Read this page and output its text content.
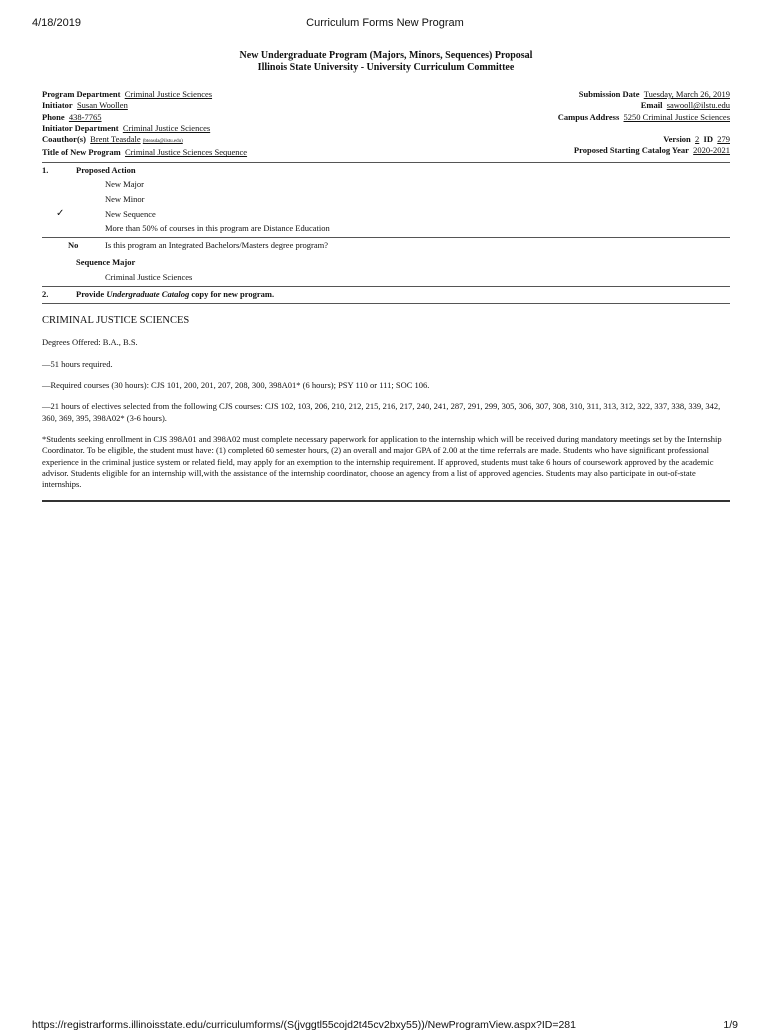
4/18/2019	Curriculum Forms New Program
New Undergraduate Program (Majors, Minors, Sequences) Proposal
Illinois State University - University Curriculum Committee
Program Department Criminal Justice Sciences
Initiator Susan Woollen
Phone 438-7765
Initiator Department Criminal Justice Sciences
Coauthor(s) Brent Teasdale (bteasda@ilstu.edu)
Title of New Program Criminal Justice Sciences Sequence
Submission Date Tuesday, March 26, 2019
Email sawooll@ilstu.edu
Campus Address 5250 Criminal Justice Sciences
Version 2 ID 279
Proposed Starting Catalog Year 2020-2021
1.	Proposed Action
New Major
New Minor
✓	New Sequence
More than 50% of courses in this program are Distance Education
No	Is this program an Integrated Bachelors/Masters degree program?
Sequence Major
Criminal Justice Sciences
2.	Provide Undergraduate Catalog copy for new program.

CRIMINAL JUSTICE SCIENCES

Degrees Offered: B.A., B.S.

—51 hours required.

—Required courses (30 hours): CJS 101, 200, 201, 207, 208, 300, 398A01* (6 hours); PSY 110 or 111; SOC 106.

—21 hours of electives selected from the following CJS courses: CJS 102, 103, 206, 210, 212, 215, 216, 217, 240, 241, 287, 291, 299, 305, 306, 307, 308, 310, 311, 313, 312, 322, 337, 338, 339, 342, 360, 369, 395, 398A02* (3-6 hours).

*Students seeking enrollment in CJS 398A01 and 398A02 must complete necessary paperwork for application to the internship which will be received during mandatory meetings set by the Internship Coordinator. To be eligible, the student must have: (1) completed 60 semester hours, (2) an overall and major GPA of 2.00 at the time referrals are made. Students who have significant professional experience in the criminal justice system or related field, may apply for an exemption to the internship requirement. If approved, students must take 6 hours of coursework approved by the academic advisor. Students eligible for an internship will,with the assistance of the internship coordinator, choose an agency from a list of approved agencies. Students may also participate in out-of-state internships.

https://registrarforms.illinoisstate.edu/curriculumforms/(S(jvggtl55cojd2t45cv2bxy55))/NewProgramView.aspx?ID=281	1/9
